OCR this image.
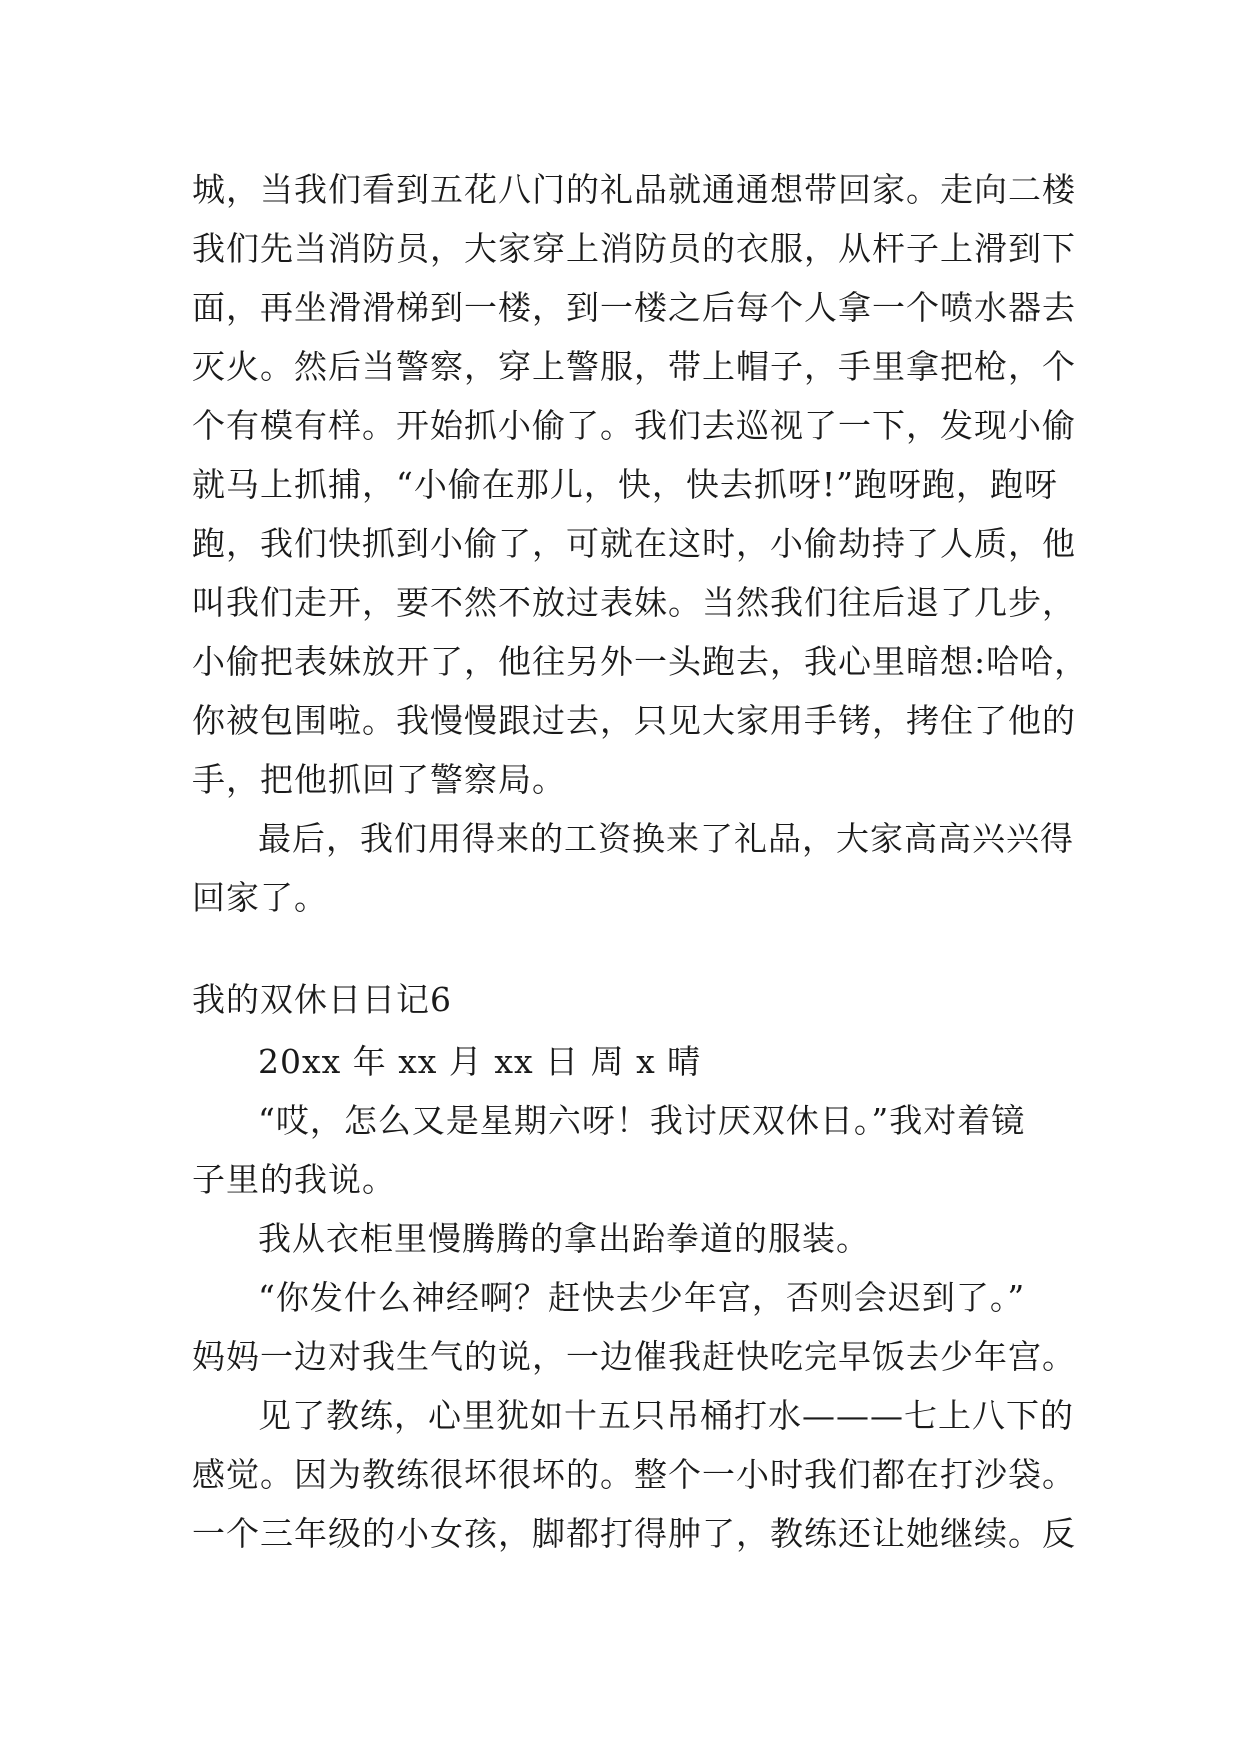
城，当我们看到五花八门的礼品就通通想带回家。走向二楼
我们先当消防员，大家穿上消防员的衣服，从杆子上滑到下
面，再坐滑滑梯到一楼，到一楼之后每个人拿一个喷水器去
灭火。然后当警察，穿上警服，带上帽子，手里拿把枪，个
个有模有样。开始抓小偷了。我们去巡视了一下，发现小偷
就马上抓捕，“小偷在那儿，快，快去抓呀!”跑呀跑，跑呀
跑，我们快抓到小偷了，可就在这时，小偷劫持了人质，他
叫我们走开，要不然不放过表妹。当然我们往后退了几步，
小偷把表妹放开了，他往另外一头跑去，我心里暗想:哈哈，
你被包围啦。我慢慢跟过去，只见大家用手铐，拷住了他的
手，把他抓回了警察局。
最后，我们用得来的工资换来了礼品，大家高高兴兴得
回家了。
我的双休日日记6
20xx 年 xx 月 xx 日 周 x 晴
“哎，怎么又是星期六呀！我讨厌双休日。”我对着镜
子里的我说。
我从衣柜里慢腾腾的拿出跆拳道的服装。
“你发什么神经啊？赶快去少年宫，否则会迟到了。”
妈妈一边对我生气的说，一边催我赶快吃完早饭去少年宫。
见了教练，心里犹如十五只吊桶打水———七上八下的
感觉。因为教练很坏很坏的。整个一小时我们都在打沙袋。
一个三年级的小女孩，脚都打得肿了，教练还让她继续。反
